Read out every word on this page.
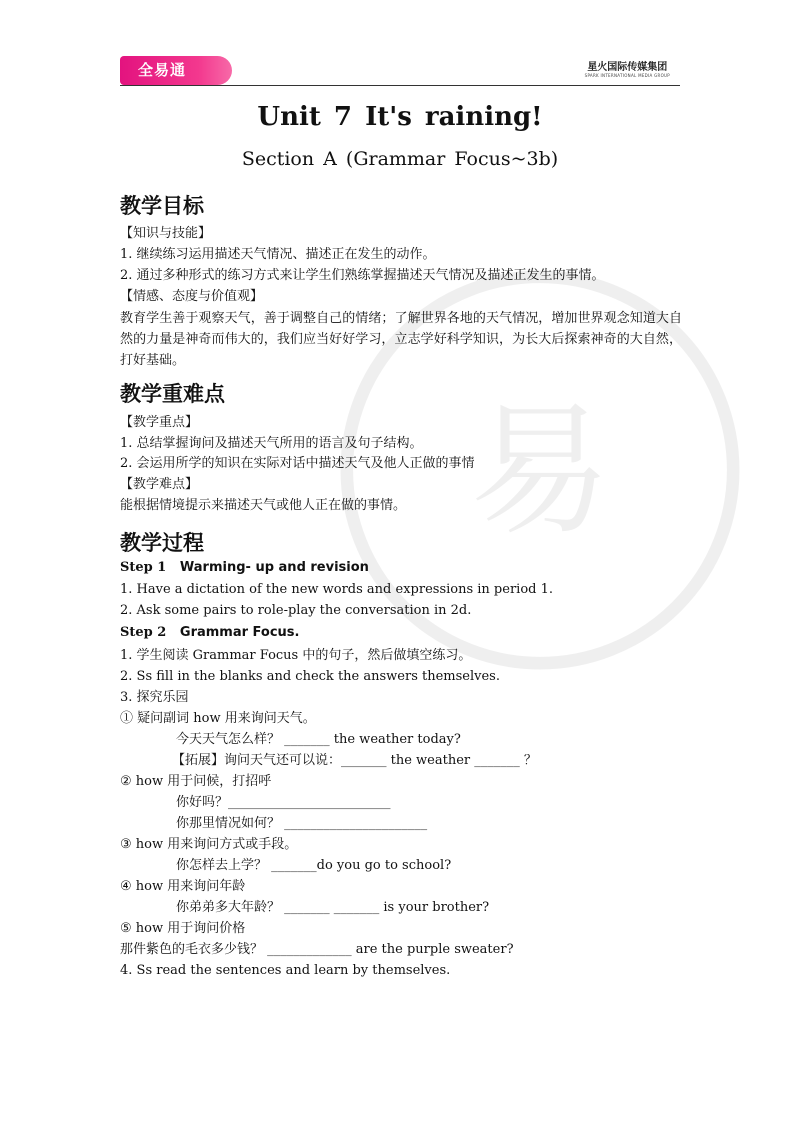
全易通	星火国际传媒集团
SPARK INTERNATIONAL MEDIA GROUP
易
Unit 7 It's raining!
Section A (Grammar Focus~3b)
教学目标
【知识与技能】
1. 继续练习运用描述天气情况、描述正在发生的动作。
2. 通过多种形式的练习方式来让学生们熟练掌握描述天气情况及描述正发生的事情。
【情感、态度与价值观】
教育学生善于观察天气，善于调整自己的情绪；了解世界各地的天气情况，增加世界观念知道大自然的力量是神奇而伟大的，我们应当好好学习，立志学好科学知识，为长大后探索神奇的大自然，打好基础。
教学重难点
【教学重点】
1. 总结掌握询问及描述天气所用的语言及句子结构。
2. 会运用所学的知识在实际对话中描述天气及他人正做的事情
【教学难点】
能根据情境提示来描述天气或他人正在做的事情。
教学过程
Step 1 Warming- up and revision
1. Have a dictation of the new words and expressions in period 1.
2. Ask some pairs to role-play the conversation in 2d.
Step 2 Grammar Focus.
1. 学生阅读 Grammar Focus 中的句子，然后做填空练习。
2. Ss fill in the blanks and check the answers themselves.
3. 探究乐园
① 疑问副词 how 用来询问天气。
今天天气怎么样？ _______ the weather today?
【拓展】询问天气还可以说：_______ the weather _______ ？
② how 用于问候，打招呼
你好吗？_________________________
你那里情况如何？ ______________________
③ how 用来询问方式或手段。
你怎样去上学？ _______do you go to school?
④ how 用来询问年龄
你弟弟多大年龄？ _______ _______ is your brother?
⑤ how 用于询问价格
那件紫色的毛衣多少钱？ _____________ are the purple sweater?
4. Ss read the sentences and learn by themselves.
